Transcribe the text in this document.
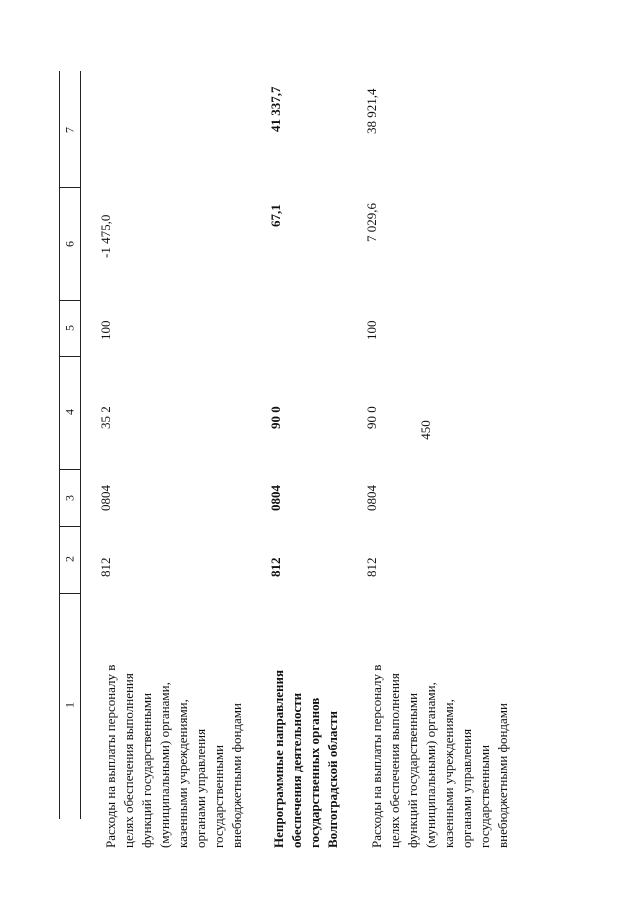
450
1
2
3
4
5
6
7
Расходы на выплаты персоналу в целях обеспечения выполнения функций государственными (муниципальными) органами, казенными учреждениями, органами управления государственными внебюджетными фондами
812
0804
35 2
100
-1 475,0
Непрограммные направления обеспечения деятельности государственных органов Волгоградской области
812
0804
90 0
67,1
41 337,7
Расходы на выплаты персоналу в целях обеспечения выполнения функций государственными (муниципальными) органами, казенными учреждениями, органами управления государственными внебюджетными фондами
812
0804
90 0
100
7 029,6
38 921,4
